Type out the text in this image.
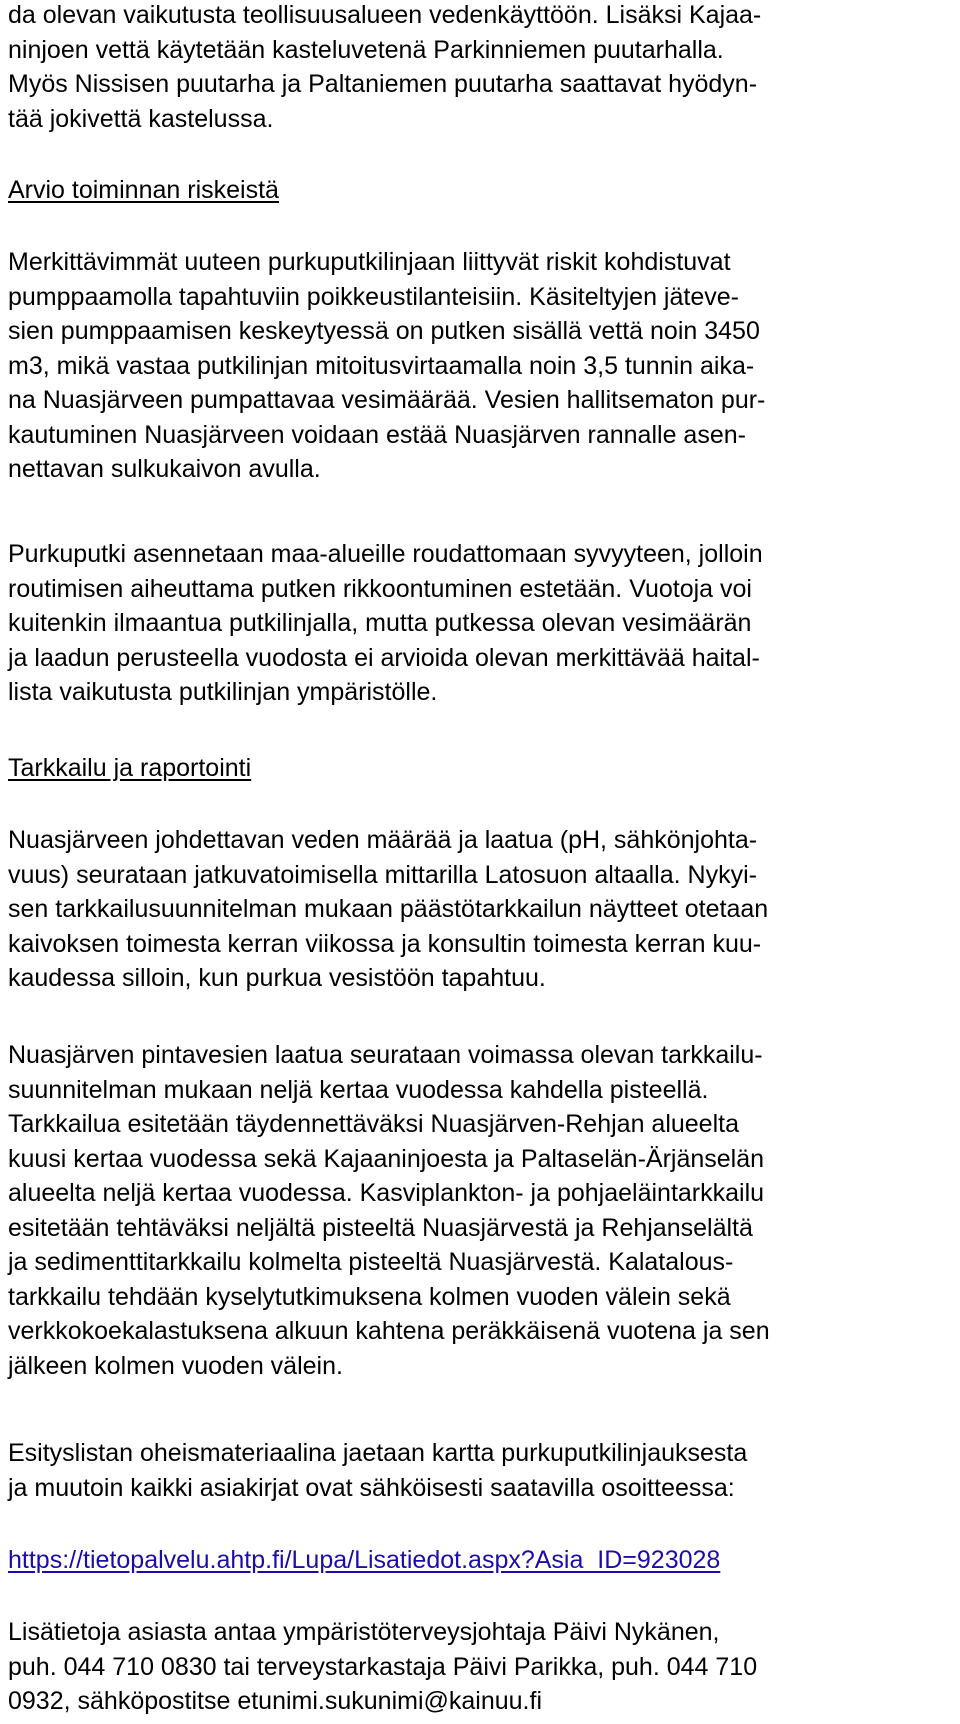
da olevan vaikutusta teollisuusalueen vedenkäyttöön. Lisäksi Kajaa-
ninjoen vettä käytetään kasteluvetenä Parkinniemen puutarhalla.
Myös Nissisen puutarha ja Paltaniemen puutarha saattavat hyödyn-
tää jokivettä kastelussa.
Arvio toiminnan riskeistä
Merkittävimmät uuteen purkuputkilinjaan liittyvät riskit kohdistuvat
pumppaamolla tapahtuviin poikkeustilanteisiin. Käsiteltyjen jäteve-
sien pumppaamisen keskeytyessä on putken sisällä vettä noin 3450
m3, mikä vastaa putkilinjan mitoitusvirtaamalla noin 3,5 tunnin aika-
na Nuasjärveen pumpattavaa vesimäärää. Vesien hallitsematon pur-
kautuminen Nuasjärveen voidaan estää Nuasjärven rannalle asen-
nettavan sulkukaivon avulla.
Purkuputki asennetaan maa-alueille roudattomaan syvyyteen, jolloin
routimisen aiheuttama putken rikkoontuminen estetään. Vuotoja voi
kuitenkin ilmaantua putkilinjalla, mutta putkessa olevan vesimäärän
ja laadun perusteella vuodosta ei arvioida olevan merkittävää haital-
lista vaikutusta putkilinjan ympäristölle.
Tarkkailu ja raportointi
Nuasjärveen johdettavan veden määrää ja laatua (pH, sähkönjohta-
vuus) seurataan jatkuvatoimisella mittarilla Latosuon altaalla. Nykyi-
sen tarkkailusuunnitelman mukaan päästötarkkailun näytteet otetaan
kaivoksen toimesta kerran viikossa ja konsultin toimesta kerran kuu-
kaudessa silloin, kun purkua vesistöön tapahtuu.
Nuasjärven pintavesien laatua seurataan voimassa olevan tarkkailu-
suunnitelman mukaan neljä kertaa vuodessa kahdella pisteellä.
Tarkkailua esitetään täydennettäväksi Nuasjärven-Rehjan alueelta
kuusi kertaa vuodessa sekä Kajaaninjoesta ja Paltaselän-Ärjänselän
alueelta neljä kertaa vuodessa. Kasviplankton- ja pohjaeläintarkkailu
esitetään tehtäväksi neljältä pisteeltä Nuasjärvestä ja Rehjanselältä
ja sedimenttitarkkailu kolmelta pisteeltä Nuasjärvestä. Kalatalous-
tarkkailu tehdään kyselytutkimuksena kolmen vuoden välein sekä
verkkokoekalastuksena alkuun kahtena peräkkäisenä vuotena ja sen
jälkeen kolmen vuoden välein.
Esityslistan oheismateriaalina jaetaan kartta purkuputkilinjauksesta
ja muutoin kaikki asiakirjat ovat sähköisesti saatavilla osoitteessa:
https://tietopalvelu.ahtp.fi/Lupa/Lisatiedot.aspx?Asia_ID=923028
Lisätietoja asiasta antaa ympäristöterveysjohtaja Päivi Nykänen,
puh. 044 710 0830 tai terveystarkastaja Päivi Parikka, puh. 044 710
0932, sähköpostitse etunimi.sukunimi@kainuu.fi
